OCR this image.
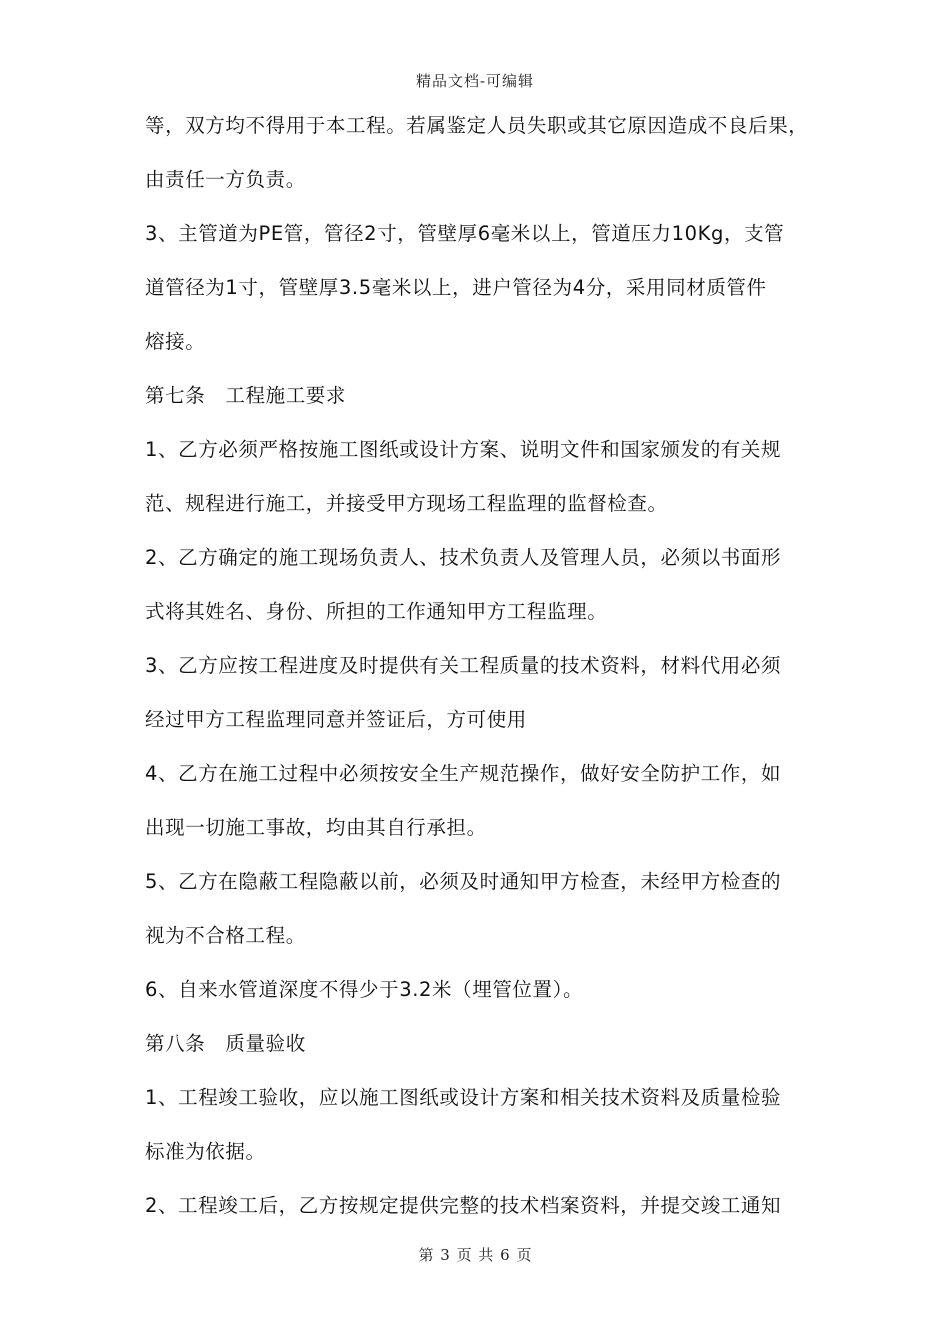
精品文档-可编辑
等，双方均不得用于本工程。若属鉴定人员失职或其它原因造成不良后果，
由责任一方负责。
3、主管道为PE管，管径2寸，管壁厚6毫米以上，管道压力10Kg，支管
道管径为1寸，管壁厚3.5毫米以上，进户管径为4分，采用同材质管件
熔接。
第七条　工程施工要求
1、乙方必须严格按施工图纸或设计方案、说明文件和国家颁发的有关规
范、规程进行施工，并接受甲方现场工程监理的监督检查。
2、乙方确定的施工现场负责人、技术负责人及管理人员，必须以书面形
式将其姓名、身份、所担的工作通知甲方工程监理。
3、乙方应按工程进度及时提供有关工程质量的技术资料，材料代用必须
经过甲方工程监理同意并签证后，方可使用
4、乙方在施工过程中必须按安全生产规范操作，做好安全防护工作，如
出现一切施工事故，均由其自行承担。
5、乙方在隐蔽工程隐蔽以前，必须及时通知甲方检查，未经甲方检查的
视为不合格工程。
6、自来水管道深度不得少于3.2米（埋管位置）。
第八条　质量验收
1、工程竣工验收，应以施工图纸或设计方案和相关技术资料及质量检验
标准为依据。
2、工程竣工后，乙方按规定提供完整的技术档案资料，并提交竣工通知
第 3 页 共 6 页
